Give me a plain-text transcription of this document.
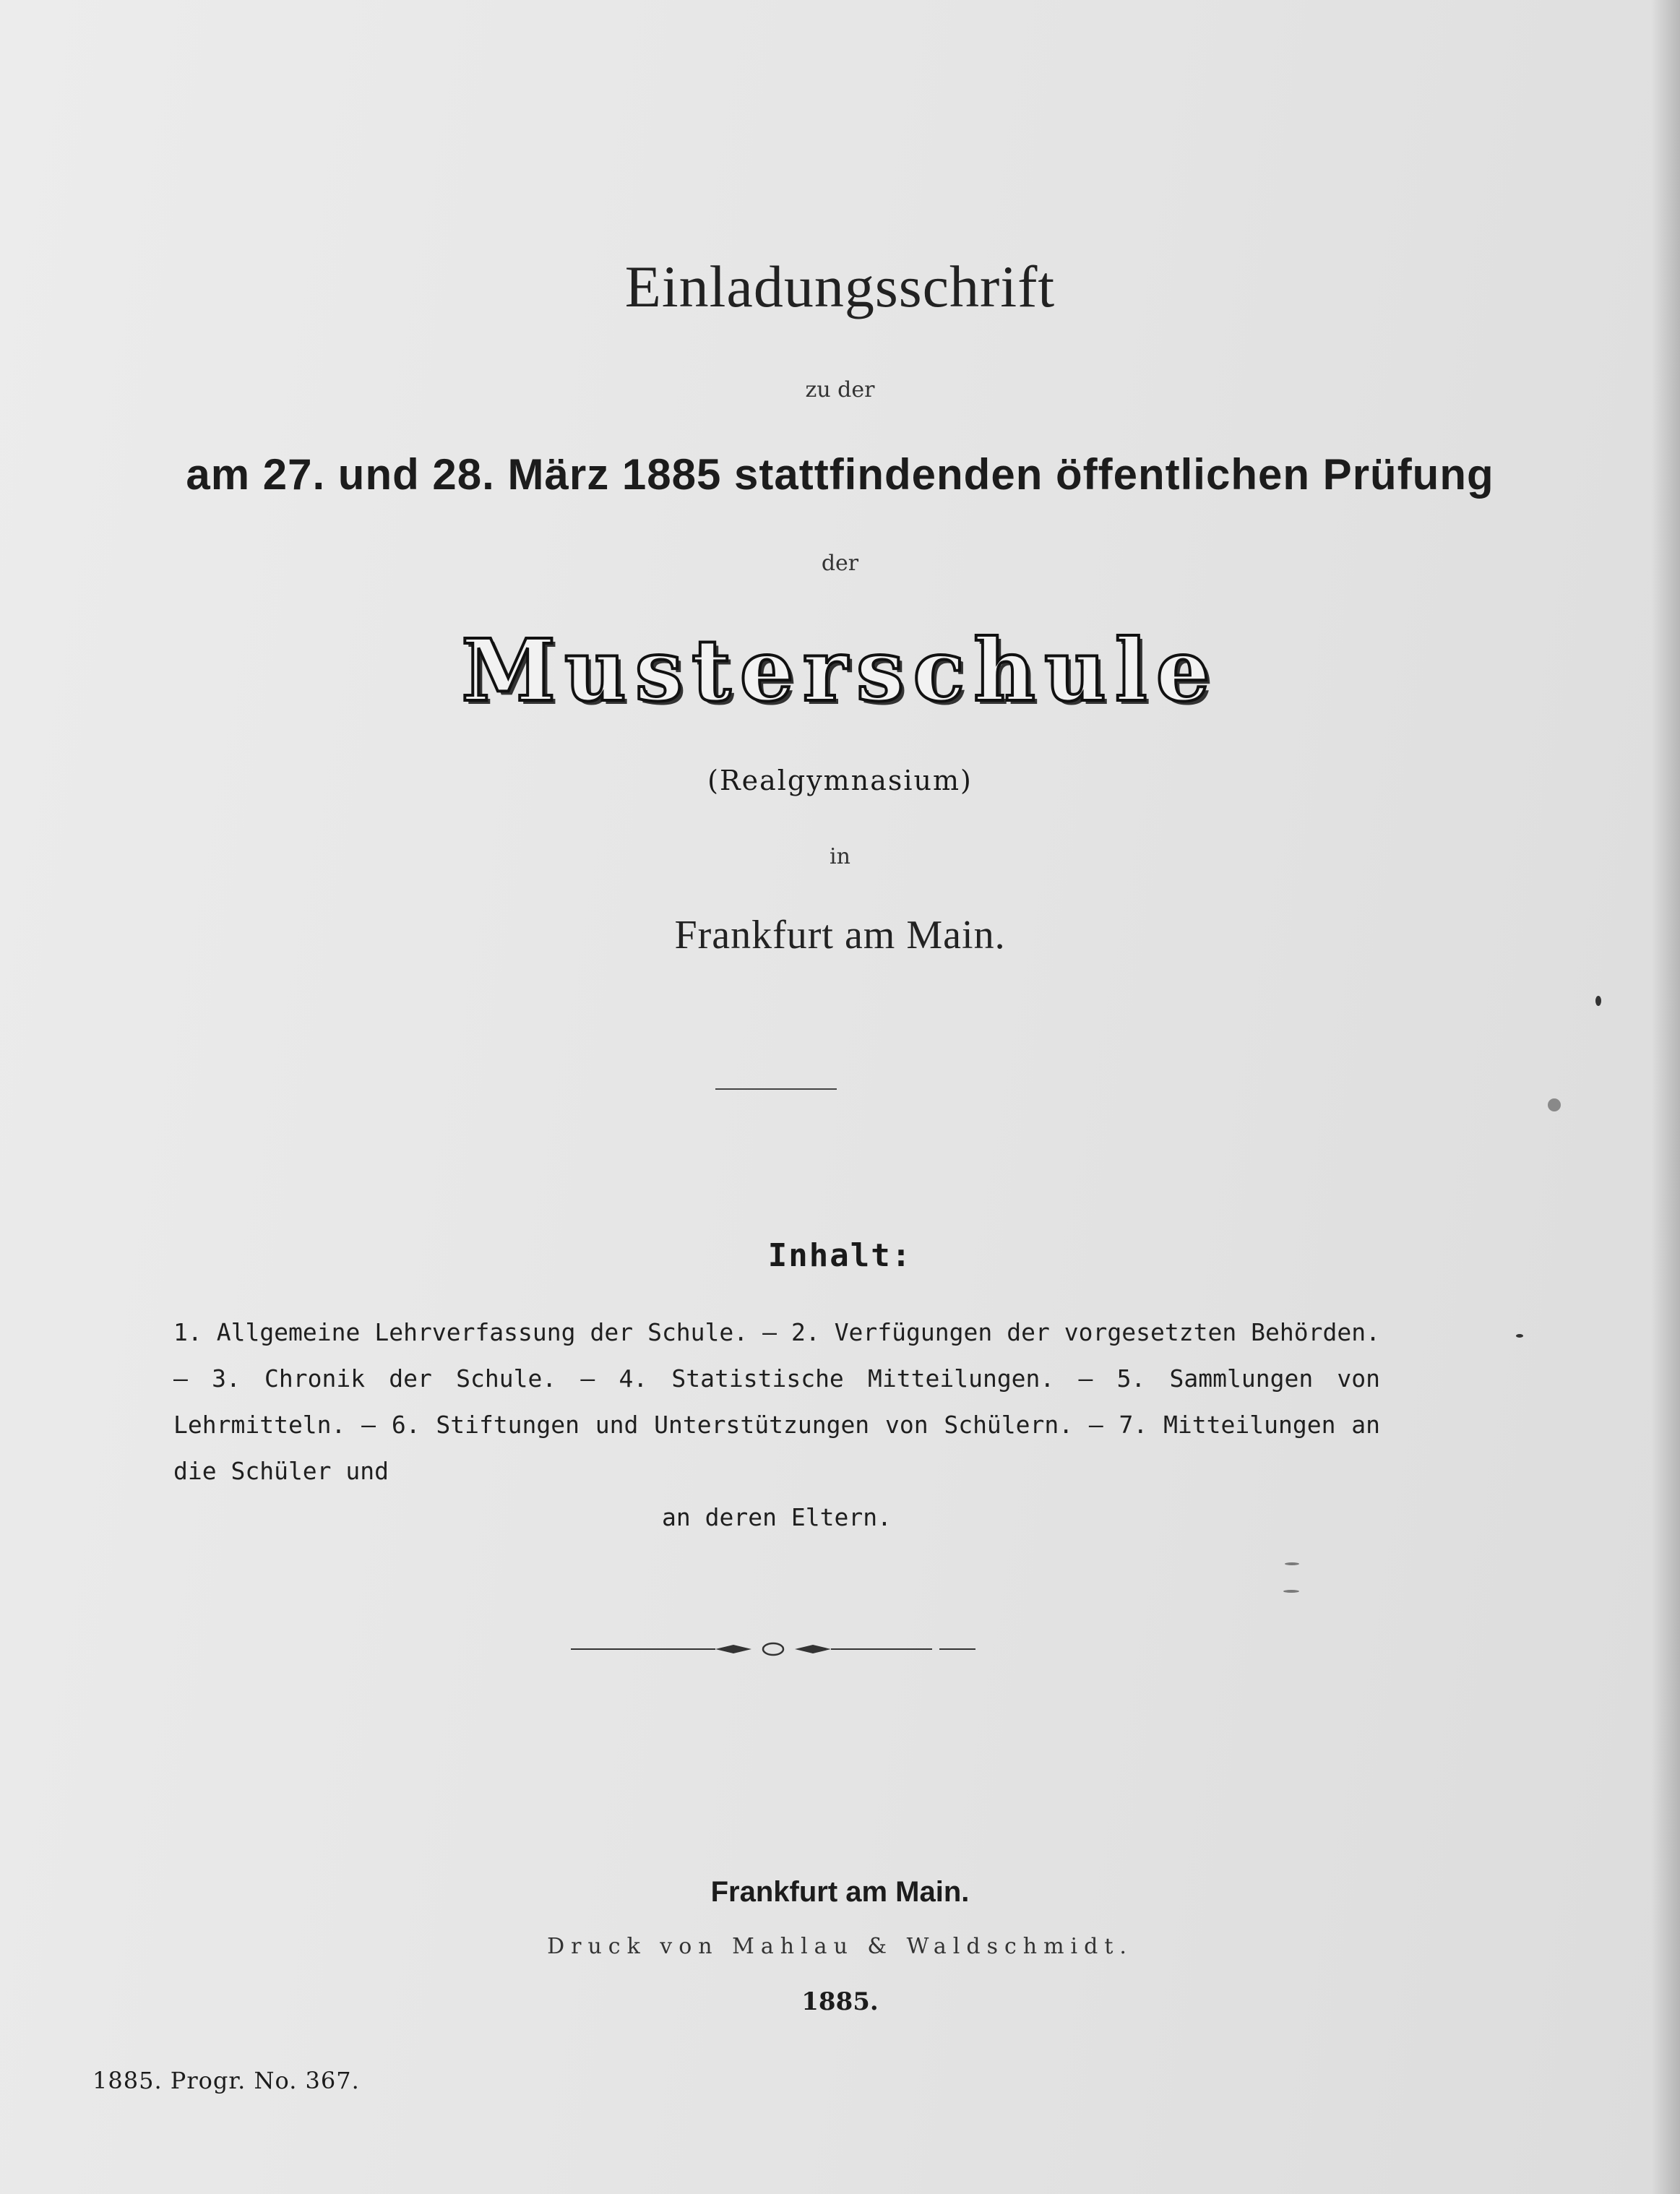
Einladungsschrift
zu der
am 27. und 28. März 1885 stattfindenden öffentlichen Prüfung
der
Musterschule
(Realgymnasium)
in
Frankfurt am Main.
Inhalt:
1. Allgemeine Lehrverfassung der Schule. — 2. Verfügungen der vorgesetzten Behörden. — 3. Chronik der Schule. — 4. Statistische Mitteilungen. — 5. Sammlungen von Lehrmitteln. — 6. Stiftungen und Unterstützungen von Schülern. — 7. Mitteilungen an die Schüler und
an deren Eltern.
Frankfurt am Main.
Druck von Mahlau & Waldschmidt.
1885.
1885. Progr. No. 367.
